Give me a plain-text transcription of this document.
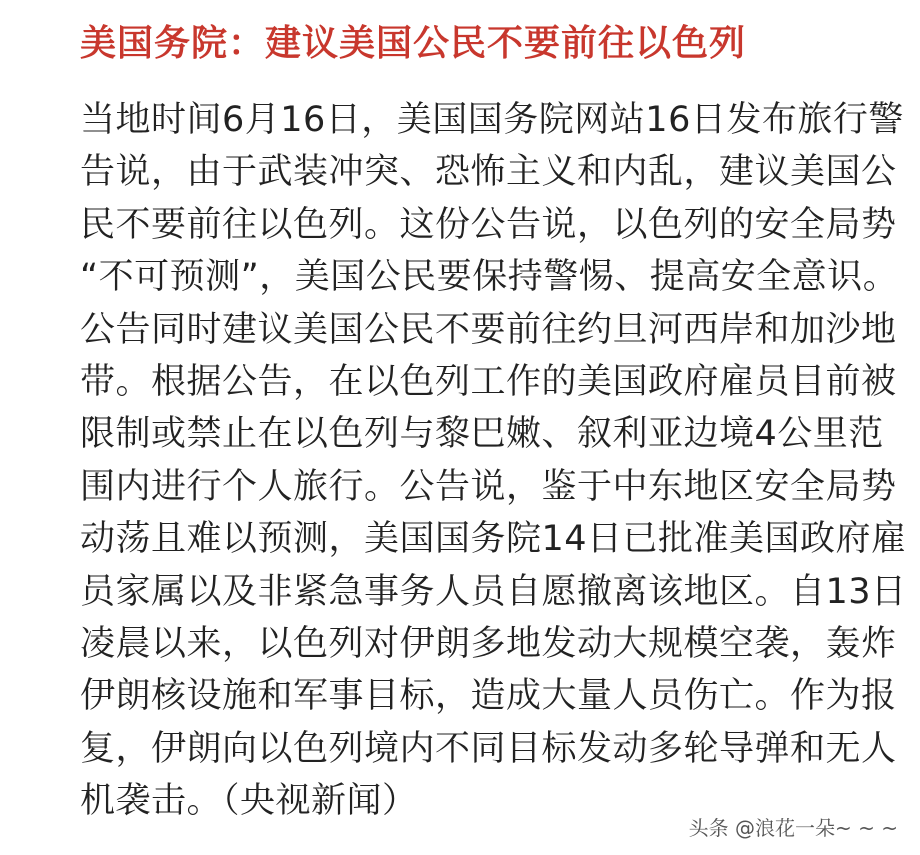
美国务院：建议美国公民不要前往以色列
当地时间6月16日，美国国务院网站16日发布旅行警
告说，由于武装冲突、恐怖主义和内乱，建议美国公
民不要前往以色列。这份公告说，以色列的安全局势
“不可预测”，美国公民要保持警惕、提高安全意识。
公告同时建议美国公民不要前往约旦河西岸和加沙地
带。根据公告，在以色列工作的美国政府雇员目前被
限制或禁止在以色列与黎巴嫩、叙利亚边境4公里范
围内进行个人旅行。公告说，鉴于中东地区安全局势
动荡且难以预测，美国国务院14日已批准美国政府雇
员家属以及非紧急事务人员自愿撤离该地区。自13日
凌晨以来，以色列对伊朗多地发动大规模空袭，轰炸
伊朗核设施和军事目标，造成大量人员伤亡。作为报
复，伊朗向以色列境内不同目标发动多轮导弹和无人
机袭击。（央视新闻）
头条 @浪花一朵~ ~ ~
